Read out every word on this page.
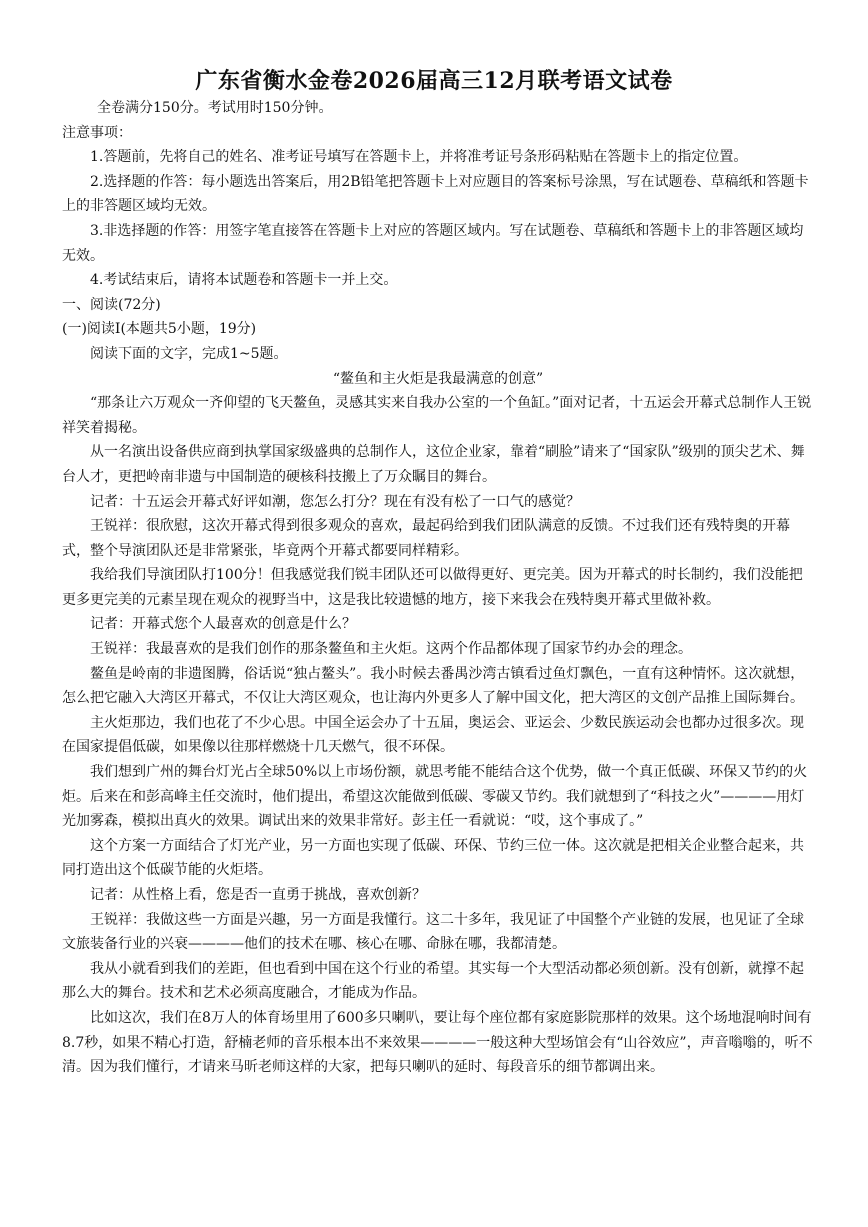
广东省衡水金卷2026届高三12月联考语文试卷

全卷满分150分。考试用时150分钟。

注意事项：

1.答题前，先将自己的姓名、准考证号填写在答题卡上，并将准考证号条形码粘贴在答题卡上的指定位置。

2.选择题的作答：每小题选出答案后，用2B铅笔把答题卡上对应题目的答案标号涂黑，写在试题卷、草稿纸和答题卡上的非答题区域均无效。

3.非选择题的作答：用签字笔直接答在答题卡上对应的答题区域内。写在试题卷、草稿纸和答题卡上的非答题区域均无效。

4.考试结束后，请将本试题卷和答题卡一并上交。

一、阅读(72分)

(一)阅读Ⅰ(本题共5小题，19分)

阅读下面的文字，完成1~5题。

“鳌鱼和主火炬是我最满意的创意”

“那条让六万观众一齐仰望的飞天鳌鱼，灵感其实来自我办公室的一个鱼缸。”面对记者，十五运会开幕式总制作人王锐祥笑着揭秘。

从一名演出设备供应商到执掌国家级盛典的总制作人，这位企业家，靠着“刷脸”请来了“国家队”级别的顶尖艺术、舞台人才，更把岭南非遗与中国制造的硬核科技搬上了万众瞩目的舞台。

记者：十五运会开幕式好评如潮，您怎么打分？现在有没有松了一口气的感觉？

王锐祥：很欣慰，这次开幕式得到很多观众的喜欢，最起码给到我们团队满意的反馈。不过我们还有残特奥的开幕式，整个导演团队还是非常紧张，毕竟两个开幕式都要同样精彩。

我给我们导演团队打100分！但我感觉我们锐丰团队还可以做得更好、更完美。因为开幕式的时长制约，我们没能把更多更完美的元素呈现在观众的视野当中，这是我比较遗憾的地方，接下来我会在残特奥开幕式里做补救。

记者：开幕式您个人最喜欢的创意是什么？

王锐祥：我最喜欢的是我们创作的那条鳌鱼和主火炬。这两个作品都体现了国家节约办会的理念。

鳌鱼是岭南的非遗图腾，俗话说“独占鳌头”。我小时候去番禺沙湾古镇看过鱼灯飘色，一直有这种情怀。这次就想，怎么把它融入大湾区开幕式，不仅让大湾区观众，也让海内外更多人了解中国文化，把大湾区的文创产品推上国际舞台。

主火炬那边，我们也花了不少心思。中国全运会办了十五届，奥运会、亚运会、少数民族运动会也都办过很多次。现在国家提倡低碳，如果像以往那样燃烧十几天燃气，很不环保。

我们想到广州的舞台灯光占全球50%以上市场份额，就思考能不能结合这个优势，做一个真正低碳、环保又节约的火炬。后来在和彭高峰主任交流时，他们提出，希望这次能做到低碳、零碳又节约。我们就想到了“科技之火”————用灯光加雾森，模拟出真火的效果。调试出来的效果非常好。彭主任一看就说：“哎，这个事成了。”

这个方案一方面结合了灯光产业，另一方面也实现了低碳、环保、节约三位一体。这次就是把相关企业整合起来，共同打造出这个低碳节能的火炬塔。

记者：从性格上看，您是否一直勇于挑战，喜欢创新？

王锐祥：我做这些一方面是兴趣，另一方面是我懂行。这二十多年，我见证了中国整个产业链的发展，也见证了全球文旅装备行业的兴衰————他们的技术在哪、核心在哪、命脉在哪，我都清楚。

我从小就看到我们的差距，但也看到中国在这个行业的希望。其实每一个大型活动都必须创新。没有创新，就撑不起那么大的舞台。技术和艺术必须高度融合，才能成为作品。

比如这次，我们在8万人的体育场里用了600多只喇叭，要让每个座位都有家庭影院那样的效果。这个场地混响时间有8.7秒，如果不精心打造，舒楠老师的音乐根本出不来效果————一般这种大型场馆会有“山谷效应”，声音嗡嗡的，听不清。因为我们懂行，才请来马昕老师这样的大家，把每只喇叭的延时、每段音乐的细节都调出来。
